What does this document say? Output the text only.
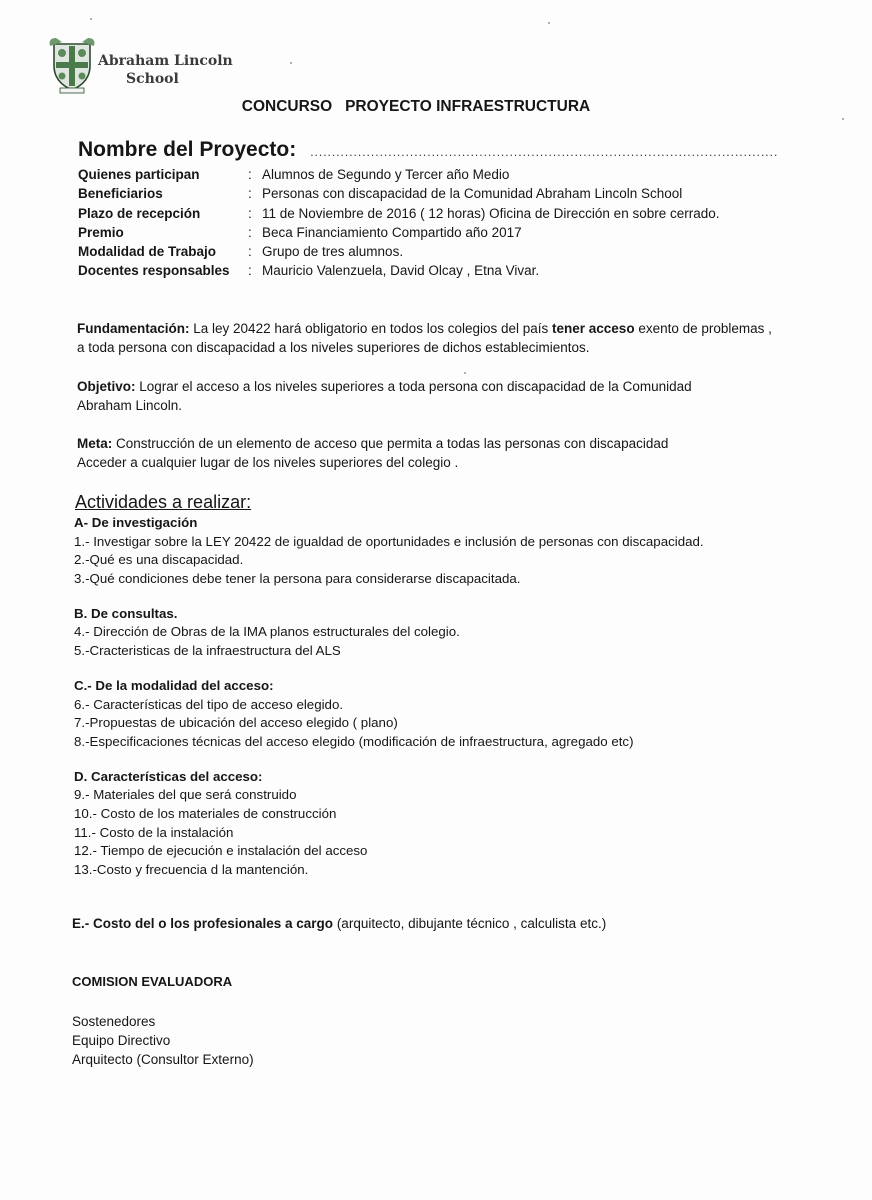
Abraham Lincoln
School
CONCURSO   PROYECTO INFRAESTRUCTURA
Nombre del Proyecto: ............................................................................................................
Quienes participan	: Alumnos de Segundo y Tercer año Medio
Beneficiarios	: Personas con discapacidad de la Comunidad Abraham Lincoln School
Plazo de recepción	: 11 de Noviembre de 2016 ( 12 horas) Oficina de Dirección en sobre cerrado.
Premio	: Beca Financiamiento Compartido año 2017
Modalidad de Trabajo	: Grupo de tres alumnos.
Docentes responsables	: Mauricio Valenzuela, David Olcay , Etna Vivar.
Fundamentación: La ley 20422 hará obligatorio en todos los colegios del país tener acceso exento de problemas , a toda persona con discapacidad a los niveles superiores de dichos establecimientos.
Objetivo: Lograr el acceso a los niveles superiores a toda persona con discapacidad de la Comunidad Abraham Lincoln.
Meta: Construcción de un elemento de acceso que permita a todas las personas con discapacidad
Acceder a cualquier lugar de los niveles superiores del colegio .
Actividades a realizar:
A- De investigación
1.- Investigar sobre la LEY 20422 de igualdad de oportunidades e inclusión de personas con discapacidad.
2.-Qué es una discapacidad.
3.-Qué condiciones debe tener la persona para considerarse discapacitada.
B. De consultas.
4.- Dirección de Obras de la IMA planos estructurales del colegio.
5.-Cracteristicas de la infraestructura del ALS
C.- De la modalidad del acceso:
6.- Características del tipo de acceso elegido.
7.-Propuestas de ubicación del acceso elegido ( plano)
8.-Especificaciones técnicas del acceso elegido (modificación de infraestructura, agregado etc)
D. Características del acceso:
9.- Materiales del que será construido
10.- Costo de los materiales de construcción
11.- Costo de la instalación
12.- Tiempo de ejecución e instalación del acceso
13.-Costo y frecuencia d la mantención.
E.- Costo del o los profesionales a cargo (arquitecto, dibujante técnico , calculista etc.)
COMISION EVALUADORA
Sostenedores
Equipo Directivo
Arquitecto (Consultor Externo)
